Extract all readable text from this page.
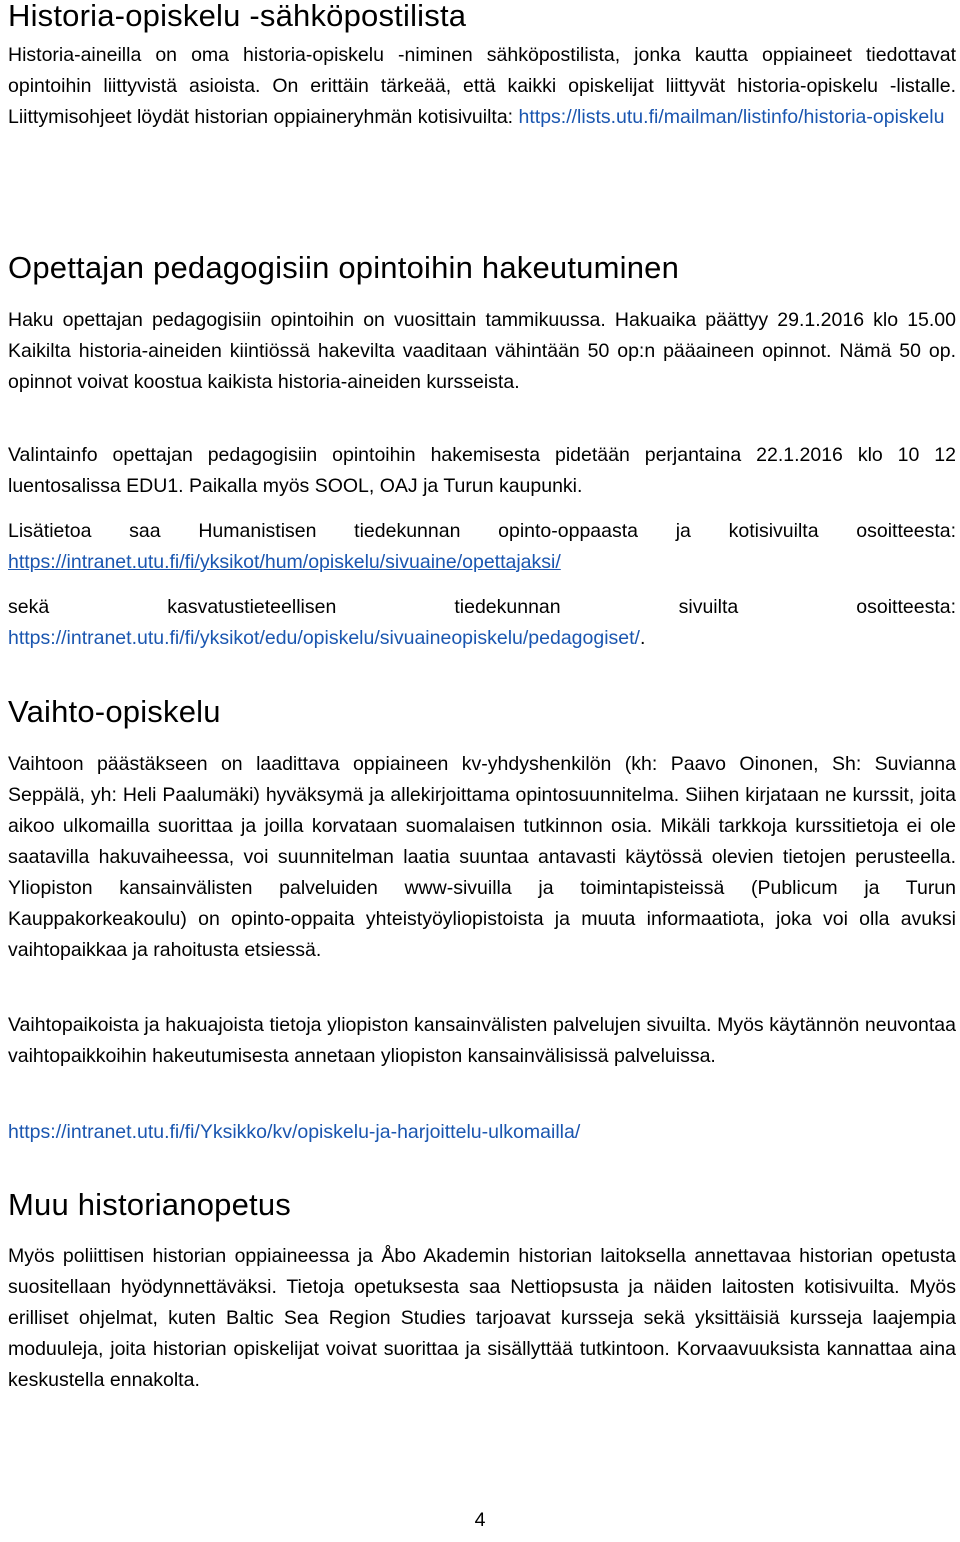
Historia-opiskelu -sähköpostilista

Historia-aineilla on oma historia-opiskelu -niminen sähköpostilista, jonka kautta oppiaineet tiedottavat opintoihin liittyvistä asioista. On erittäin tärkeää, että kaikki opiskelijat liittyvät historia-opiskelu -listalle. Liittymisohjeet löydät historian oppiaineryhmän kotisivuilta: https://lists.utu.fi/mailman/listinfo/historia-opiskelu

Opettajan pedagogisiin opintoihin hakeutuminen

Haku opettajan pedagogisiin opintoihin on vuosittain tammikuussa. Hakuaika päättyy 29.1.2016 klo 15.00 Kaikilta historia-aineiden kiintiössä hakevilta vaaditaan vähintään 50 op:n pääaineen opinnot. Nämä 50 op. opinnot voivat koostua kaikista historia-aineiden kursseista.

Valintainfo opettajan pedagogisiin opintoihin hakemisesta pidetään perjantaina 22.1.2016 klo 10 12 luentosalissa EDU1. Paikalla myös SOOL, OAJ ja Turun kaupunki.

Lisätietoa saa Humanistisen tiedekunnan opinto-oppaasta ja kotisivuilta osoitteesta: https://intranet.utu.fi/fi/yksikot/hum/opiskelu/sivuaine/opettajaksi/

sekä kasvatustieteellisen tiedekunnan sivuilta osoitteesta: https://intranet.utu.fi/fi/yksikot/edu/opiskelu/sivuaineopiskelu/pedagogiset/.

Vaihto-opiskelu

Vaihtoon päästäkseen on laadittava oppiaineen kv-yhdyshenkilön (kh: Paavo Oinonen, Sh: Suvianna Seppälä, yh: Heli Paalumäki) hyväksymä ja allekirjoittama opintosuunnitelma. Siihen kirjataan ne kurssit, joita aikoo ulkomailla suorittaa ja joilla korvataan suomalaisen tutkinnon osia. Mikäli tarkkoja kurssitietoja ei ole saatavilla hakuvaiheessa, voi suunnitelman laatia suuntaa antavasti käytössä olevien tietojen perusteella. Yliopiston kansainvälisten palveluiden www-sivuilla ja toimintapisteissä (Publicum ja Turun Kauppakorkeakoulu) on opinto-oppaita yhteistyöyliopistoista ja muuta informaatiota, joka voi olla avuksi vaihtopaikkaa ja rahoitusta etsiessä.

Vaihtopaikoista ja hakuajoista tietoja yliopiston kansainvälisten palvelujen sivuilta. Myös käytännön neuvontaa vaihtopaikkoihin hakeutumisesta annetaan yliopiston kansainvälisissä palveluissa.

https://intranet.utu.fi/fi/Yksikko/kv/opiskelu-ja-harjoittelu-ulkomailla/

Muu historianopetus

Myös poliittisen historian oppiaineessa ja Åbo Akademin historian laitoksella annettavaa historian opetusta suositellaan hyödynnettäväksi. Tietoja opetuksesta saa Nettiopsusta ja näiden laitosten kotisivuilta. Myös erilliset ohjelmat, kuten Baltic Sea Region Studies tarjoavat kursseja sekä yksittäisiä kursseja laajempia moduuleja, joita historian opiskelijat voivat suorittaa ja sisällyttää tutkintoon. Korvaavuuksista kannattaa aina keskustella ennakolta.

4
